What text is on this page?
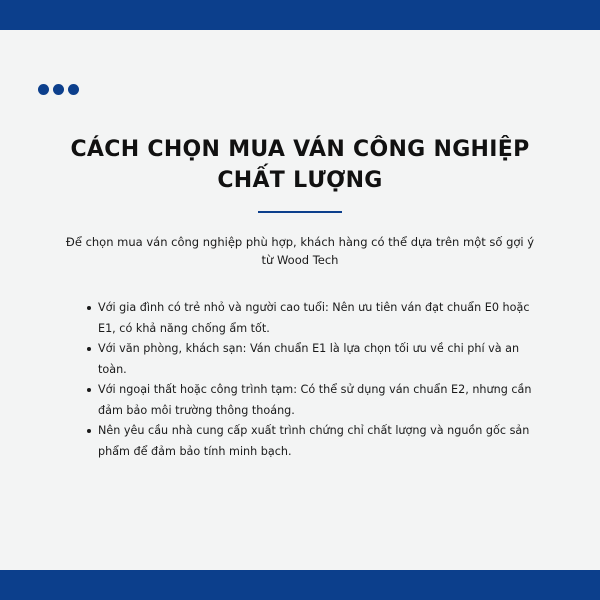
CÁCH CHỌN MUA VÁN CÔNG NGHIỆP
CHẤT LƯỢNG

Để chọn mua ván công nghiệp phù hợp, khách hàng có thể dựa trên một số gợi ý từ Wood Tech

Với gia đình có trẻ nhỏ và người cao tuổi: Nên ưu tiên ván đạt chuẩn E0 hoặc E1, có khả năng chống ẩm tốt.
Với văn phòng, khách sạn: Ván chuẩn E1 là lựa chọn tối ưu về chi phí và an toàn.
Với ngoại thất hoặc công trình tạm: Có thể sử dụng ván chuẩn E2, nhưng cần đảm bảo môi trường thông thoáng.
Nên yêu cầu nhà cung cấp xuất trình chứng chỉ chất lượng và nguồn gốc sản phẩm để đảm bảo tính minh bạch.
